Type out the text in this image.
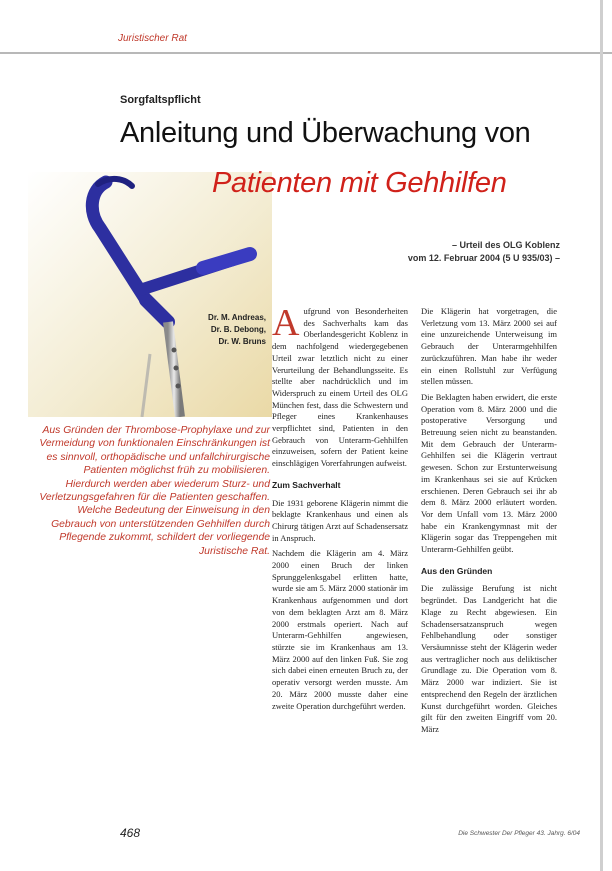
Juristischer Rat
Sorgfaltspflicht
Anleitung und Überwachung von
Patienten mit Gehhilfen
– Urteil des OLG Koblenz
vom 12. Februar 2004 (5 U 935/03) –
Dr. M. Andreas,
Dr. B. Debong,
Dr. W. Bruns
Aus Gründen der Thrombose-Prophylaxe und zur Vermeidung von funktionalen Einschränkungen ist es sinnvoll, orthopädische und unfallchirurgische Patienten möglichst früh zu mobilisieren. Hierdurch werden aber wiederum Sturz- und Verletzungsgefahren für die Patienten geschaffen. Welche Bedeutung der Einweisung in den Gebrauch von unterstützenden Gehhilfen durch Pflegende zukommt, schildert der vorliegende Juristische Rat.

Aufgrund von Besonderheiten des Sachverhalts kam das Oberlandesgericht Koblenz in dem nachfolgend wiedergegebenen Urteil zwar letztlich nicht zu einer Verurteilung der Behandlungsseite. Es stellte aber nachdrücklich und im Widerspruch zu einem Urteil des OLG München fest, dass die Schwestern und Pfleger eines Krankenhauses verpflichtet sind, Patienten in den Gebrauch von Unterarm-Gehhilfen einzuweisen, sofern der Patient keine einschlägigen Vorerfahrungen aufweist.

Zum Sachverhalt

Die 1931 geborene Klägerin nimmt die beklagte Krankenhaus und einen als Chirurg tätigen Arzt auf Schadensersatz in Anspruch.

Nachdem die Klägerin am 4. März 2000 einen Bruch der linken Sprunggelenksgabel erlitten hatte, wurde sie am 5. März 2000 stationär im Krankenhaus aufgenommen und dort von dem beklagten Arzt am 8. März 2000 erstmals operiert. Nach auf Unterarm-Gehhilfen angewiesen, stürzte sie im Krankenhaus am 13. März 2000 auf den linken Fuß. Sie zog sich dabei einen erneuten Bruch zu, der operativ versorgt werden musste. Am 20. März 2000 musste daher eine zweite Operation durchgeführt werden.

Die Klägerin hat vorgetragen, die Verletzung vom 13. März 2000 sei auf eine unzureichende Unterweisung im Gebrauch der Unterarmgehhilfen zurückzuführen. Man habe ihr weder ein einen Rollstuhl zur Verfügung stellen müssen.

Die Beklagten haben erwidert, die erste Operation vom 8. März 2000 und die postoperative Versorgung und Betreuung seien nicht zu beanstanden. Mit dem Gebrauch der Unterarm-Gehhilfen sei die Klägerin vertraut gewesen. Schon zur Erstunterweisung im Krankenhaus sei sie auf Krücken erschienen. Deren Gebrauch sei ihr ab dem 8. März 2000 erläutert worden. Vor dem Unfall vom 13. März 2000 habe ein Krankengymnast mit der Klägerin sogar das Treppengehen mit Unterarm-Gehhilfen geübt.

Aus den Gründen

Die zulässige Berufung ist nicht begründet. Das Landgericht hat die Klage zu Recht abgewiesen. Ein Schadensersatzanspruch wegen Fehlbehandlung oder sonstiger Versäumnisse steht der Klägerin weder aus vertraglicher noch aus deliktischer Grundlage zu. Die Operation vom 8. März 2000 war indiziert. Sie ist entsprechend den Regeln der ärztlichen Kunst durchgeführt worden. Gleiches gilt für den zweiten Eingriff vom 20. März

468	Die Schwester Der Pfleger 43. Jahrg. 6/04
